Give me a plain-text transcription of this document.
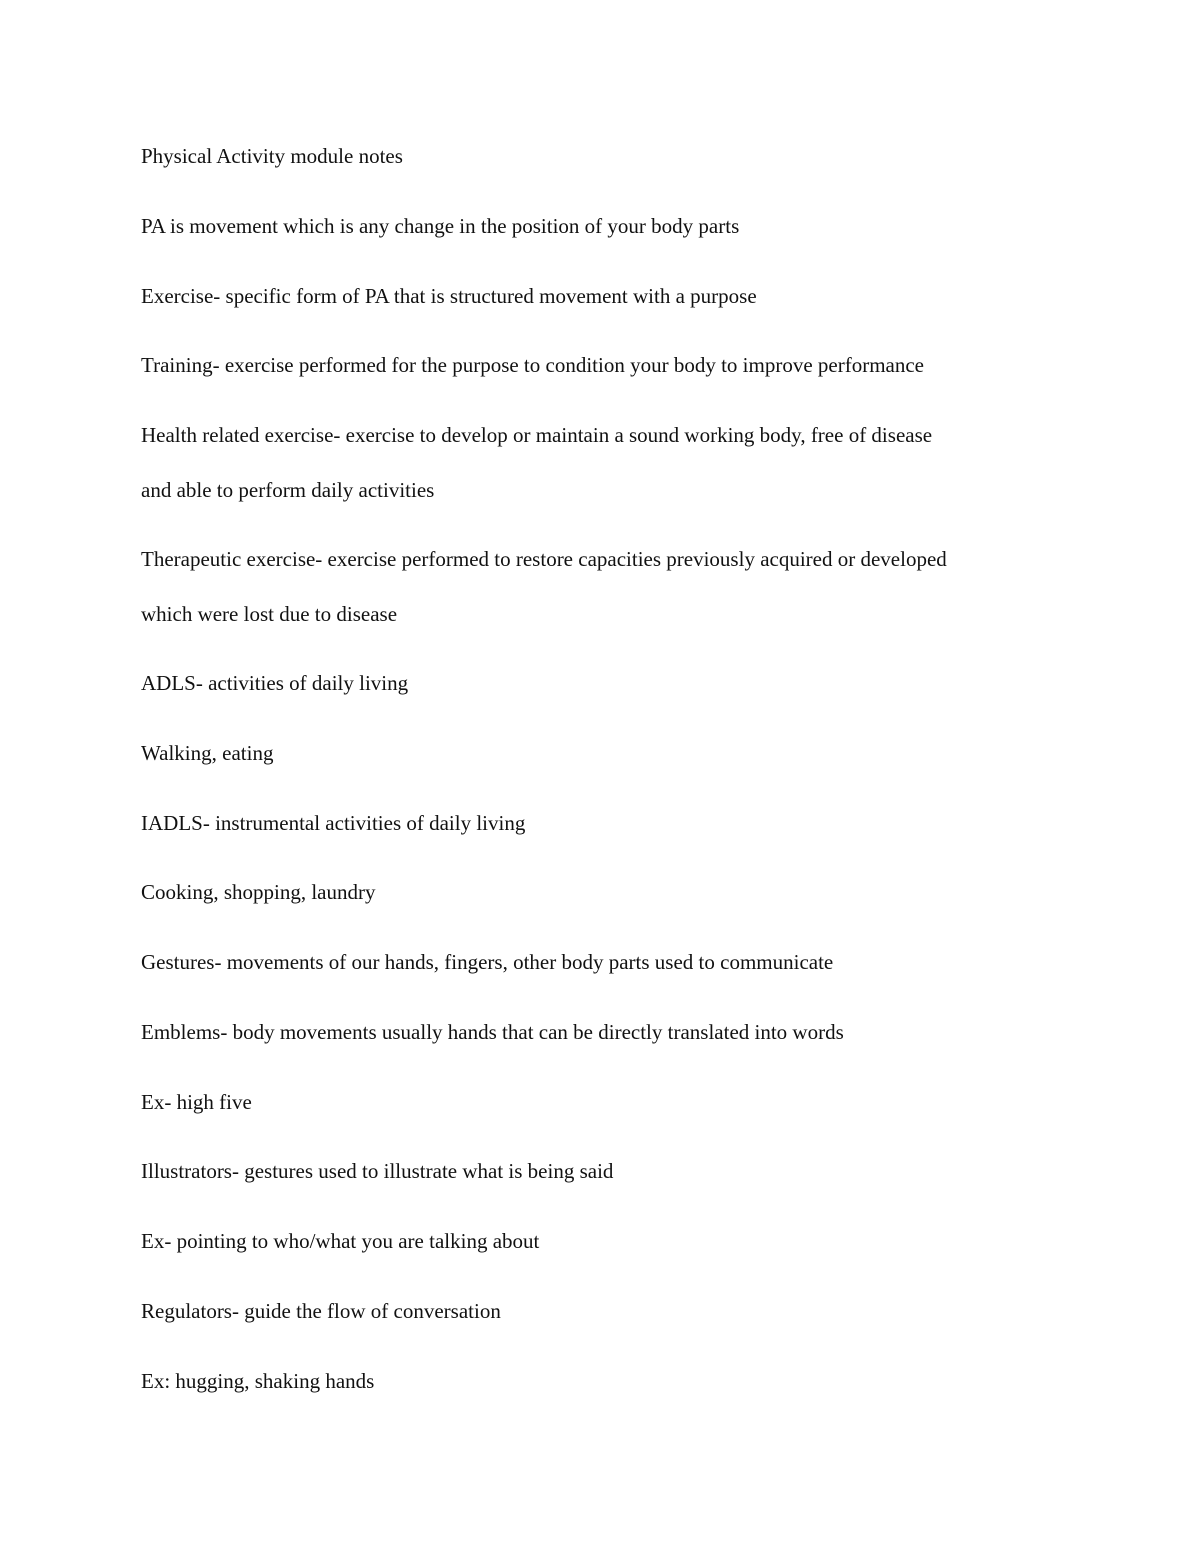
Physical Activity module notes

PA is movement which is any change in the position of your body parts

Exercise- specific form of PA that is structured movement with a purpose

Training- exercise performed for the purpose to condition your body to improve performance

Health related exercise- exercise to develop or maintain a sound working body, free of disease

and able to perform daily activities

Therapeutic exercise- exercise performed to restore capacities previously acquired or developed

which were lost due to disease

ADLS- activities of daily living

Walking, eating

IADLS- instrumental activities of daily living

Cooking, shopping, laundry

Gestures- movements of our hands, fingers, other body parts used to communicate

Emblems- body movements usually hands that can be directly translated into words

Ex- high five

Illustrators- gestures used to illustrate what is being said

Ex- pointing to who/what you are talking about

Regulators- guide the flow of conversation

Ex: hugging, shaking hands
